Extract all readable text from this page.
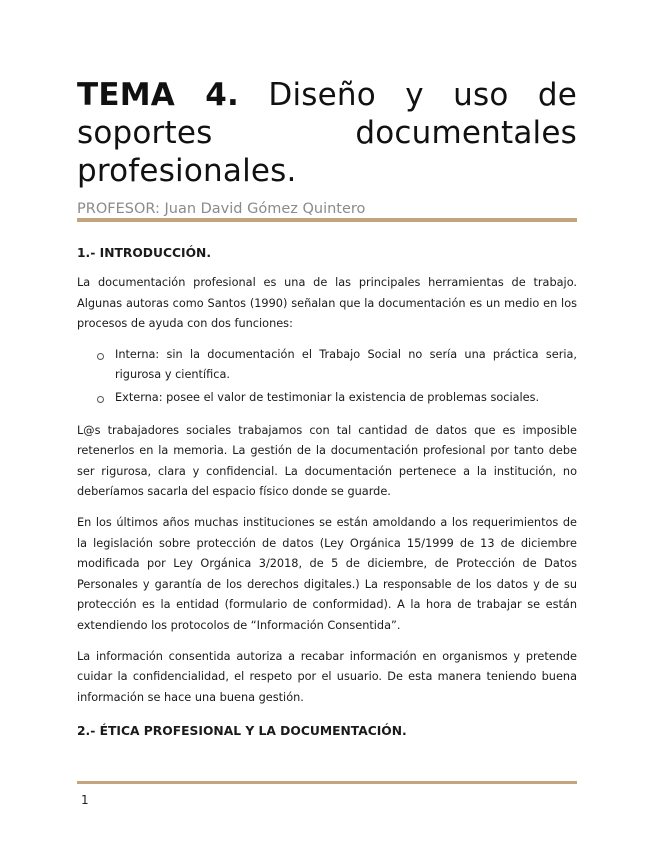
TEMA 4. Diseño y uso de soportes documentales profesionales.
PROFESOR: Juan David Gómez Quintero
1.- INTRODUCCIÓN.

La documentación profesional es una de las principales herramientas de trabajo. Algunas autoras como Santos (1990) señalan que la documentación es un medio en los procesos de ayuda con dos funciones:

Interna: sin la documentación el Trabajo Social no sería una práctica seria, rigurosa y científica.
Externa: posee el valor de testimoniar la existencia de problemas sociales.

L@s trabajadores sociales trabajamos con tal cantidad de datos que es imposible retenerlos en la memoria. La gestión de la documentación profesional por tanto debe ser rigurosa, clara y confidencial. La documentación pertenece a la institución, no deberíamos sacarla del espacio físico donde se guarde.

En los últimos años muchas instituciones se están amoldando a los requerimientos de la legislación sobre protección de datos (Ley Orgánica 15/1999 de 13 de diciembre modificada por Ley Orgánica 3/2018, de 5 de diciembre, de Protección de Datos Personales y garantía de los derechos digitales.) La responsable de los datos y de su protección es la entidad (formulario de conformidad). A la hora de trabajar se están extendiendo los protocolos de “Información Consentida”.

La información consentida autoriza a recabar información en organismos y pretende cuidar la confidencialidad, el respeto por el usuario. De esta manera teniendo buena información se hace una buena gestión.

2.- ÉTICA PROFESIONAL Y LA DOCUMENTACIÓN.
1
